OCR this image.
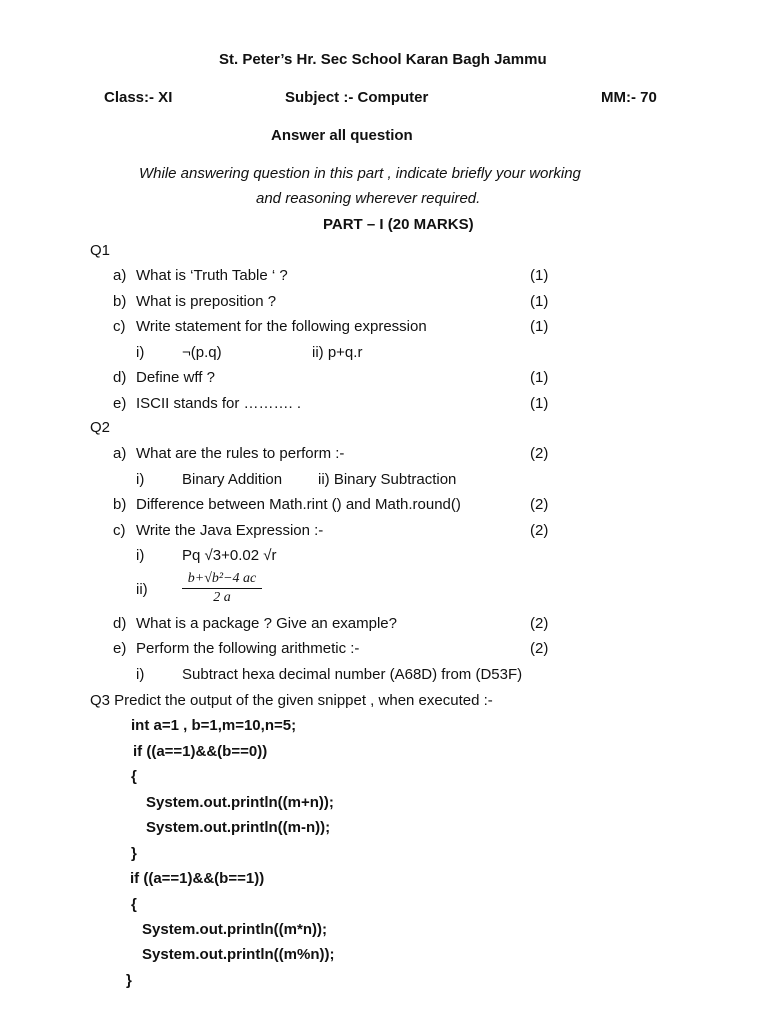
St. Peter’s Hr. Sec School Karan Bagh Jammu
Class:- XI	Subject :- Computer	MM:- 70
Answer all question
While answering question in this part , indicate briefly your working
and reasoning wherever required.
PART – I (20 MARKS)
Q1
a) What is ‘Truth Table ‘ ?	(1)
b) What is preposition ?	(1)
c) Write statement for the following expression	(1)
i)	¬(p.q)	ii) p+q.r
d) Define wff ?	(1)
e) ISCII stands for ………. .	(1)
Q2
a) What are the rules to perform :-	(2)
i)	Binary Addition ii) Binary Subtraction
b) Difference between Math.rint () and Math.round()	(2)
c) Write the Java Expression :-	(2)
i)	Pq √3+0.02 √r
ii)
b+√b²−4 ac
2 a
d) What is a package ? Give an example?	(2)
e) Perform the following arithmetic :-	(2)
i)	Subtract hexa decimal number (A68D) from (D53F)
Q3 Predict the output of the given snippet , when executed :-
int a=1 , b=1,m=10,n=5;
if ((a==1)&&(b==0))
{
System.out.println((m+n));
System.out.println((m-n));
}
if ((a==1)&&(b==1))
{
System.out.println((m*n));
System.out.println((m%n));
}
